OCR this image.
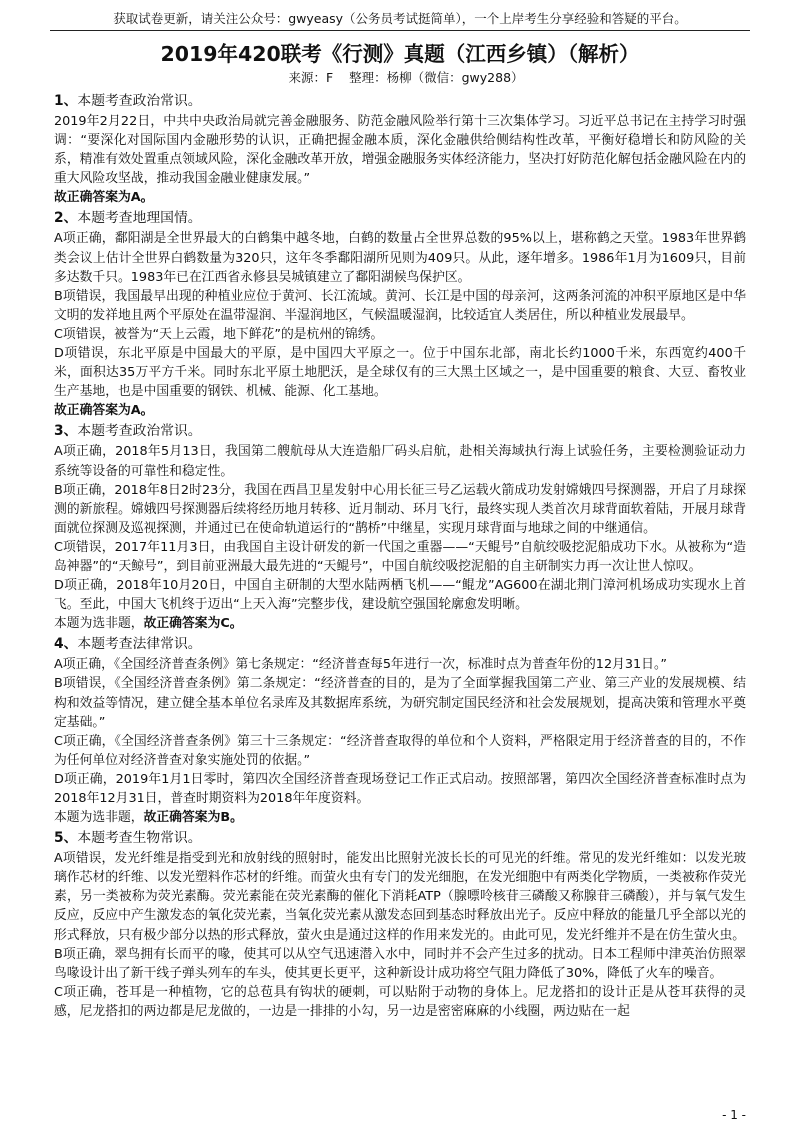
获取试卷更新，请关注公众号：gwyeasy（公务员考试挺简单），一个上岸考生分享经验和答疑的平台。
2019年420联考《行测》真题（江西乡镇）（解析）
来源：F 整理：杨柳（微信：gwy288）
1、本题考查政治常识。

2019年2月22日，中共中央政治局就完善金融服务、防范金融风险举行第十三次集体学习。习近平总书记在主持学习时强调：“要深化对国际国内金融形势的认识，正确把握金融本质，深化金融供给侧结构性改革，平衡好稳增长和防风险的关系，精准有效处置重点领域风险，深化金融改革开放，增强金融服务实体经济能力，坚决打好防范化解包括金融风险在内的重大风险攻坚战，推动我国金融业健康发展。”

故正确答案为A。

2、本题考查地理国情。

A项正确，鄱阳湖是全世界最大的白鹤集中越冬地，白鹤的数量占全世界总数的95%以上，堪称鹤之天堂。1983年世界鹤类会议上估计全世界白鹤数量为320只，这年冬季鄱阳湖所见则为409只。从此，逐年增多。1986年1月为1609只，目前多达数千只。1983年已在江西省永修县吴城镇建立了鄱阳湖候鸟保护区。

B项错误，我国最早出现的种植业应位于黄河、长江流域。黄河、长江是中国的母亲河，这两条河流的冲积平原地区是中华文明的发祥地且两个平原处在温带湿润、半湿润地区，气候温暖湿润，比较适宜人类居住，所以种植业发展最早。

C项错误，被誉为“天上云霞，地下鲜花”的是杭州的锦绣。

D项错误，东北平原是中国最大的平原，是中国四大平原之一。位于中国东北部，南北长约1000千米，东西宽约400千米，面积达35万平方千米。同时东北平原土地肥沃，是全球仅有的三大黑土区域之一，是中国重要的粮食、大豆、畜牧业生产基地，也是中国重要的钢铁、机械、能源、化工基地。

故正确答案为A。

3、本题考查政治常识。

A项正确，2018年5月13日，我国第二艘航母从大连造船厂码头启航，赴相关海域执行海上试验任务，主要检测验证动力系统等设备的可靠性和稳定性。

B项正确，2018年8日2时23分，我国在西昌卫星发射中心用长征三号乙运载火箭成功发射嫦娥四号探测器，开启了月球探测的新旅程。嫦娥四号探测器后续将经历地月转移、近月制动、环月飞行，最终实现人类首次月球背面软着陆，开展月球背面就位探测及巡视探测，并通过已在使命轨道运行的“鹊桥”中继星，实现月球背面与地球之间的中继通信。

C项错误，2017年11月3日，由我国自主设计研发的新一代国之重器——“天鲲号”自航绞吸挖泥船成功下水。从被称为“造岛神器”的“天鲸号”，到目前亚洲最大最先进的“天鲲号”，中国自航绞吸挖泥船的自主研制实力再一次让世人惊叹。

D项正确，2018年10月20日，中国自主研制的大型水陆两栖飞机——“鲲龙”AG600在湖北荆门漳河机场成功实现水上首飞。至此，中国大飞机终于迈出“上天入海”完整步伐，建设航空强国轮廓愈发明晰。

本题为选非题，故正确答案为C。

4、本题考查法律常识。

A项正确，《全国经济普查条例》第七条规定：“经济普查每5年进行一次，标准时点为普查年份的12月31日。”

B项错误，《全国经济普查条例》第二条规定：“经济普查的目的，是为了全面掌握我国第二产业、第三产业的发展规模、结构和效益等情况，建立健全基本单位名录库及其数据库系统，为研究制定国民经济和社会发展规划，提高决策和管理水平奠定基础。”

C项正确，《全国经济普查条例》第三十三条规定：“经济普查取得的单位和个人资料，严格限定用于经济普查的目的，不作为任何单位对经济普查对象实施处罚的依据。”

D项正确，2019年1月1日零时，第四次全国经济普查现场登记工作正式启动。按照部署，第四次全国经济普查标准时点为2018年12月31日，普查时期资料为2018年年度资料。

本题为选非题，故正确答案为B。

5、本题考查生物常识。

A项错误，发光纤维是指受到光和放射线的照射时，能发出比照射光波长长的可见光的纤维。常见的发光纤维如：以发光玻璃作芯材的纤维、以发光塑料作芯材的纤维。而萤火虫有专门的发光细胞，在发光细胞中有两类化学物质，一类被称作荧光素，另一类被称为荧光素酶。荧光素能在荧光素酶的催化下消耗ATP（腺嘌呤核苷三磷酸又称腺苷三磷酸），并与氧气发生反应，反应中产生激发态的氧化荧光素，当氧化荧光素从激发态回到基态时释放出光子。反应中释放的能量几乎全部以光的形式释放，只有极少部分以热的形式释放，萤火虫是通过这样的作用来发光的。由此可见，发光纤维并不是在仿生萤火虫。

B项正确，翠鸟拥有长而平的喙，使其可以从空气迅速潜入水中，同时并不会产生过多的扰动。日本工程师中津英治仿照翠鸟喙设计出了新干线子弹头列车的车头，使其更长更平，这种新设计成功将空气阻力降低了30%，降低了火车的噪音。

C项正确，苍耳是一种植物，它的总苞具有钩状的硬刺，可以贴附于动物的身体上。尼龙搭扣的设计正是从苍耳获得的灵感，尼龙搭扣的两边都是尼龙做的，一边是一排排的小勾，另一边是密密麻麻的小线圈，两边贴在一起

- 1 -
